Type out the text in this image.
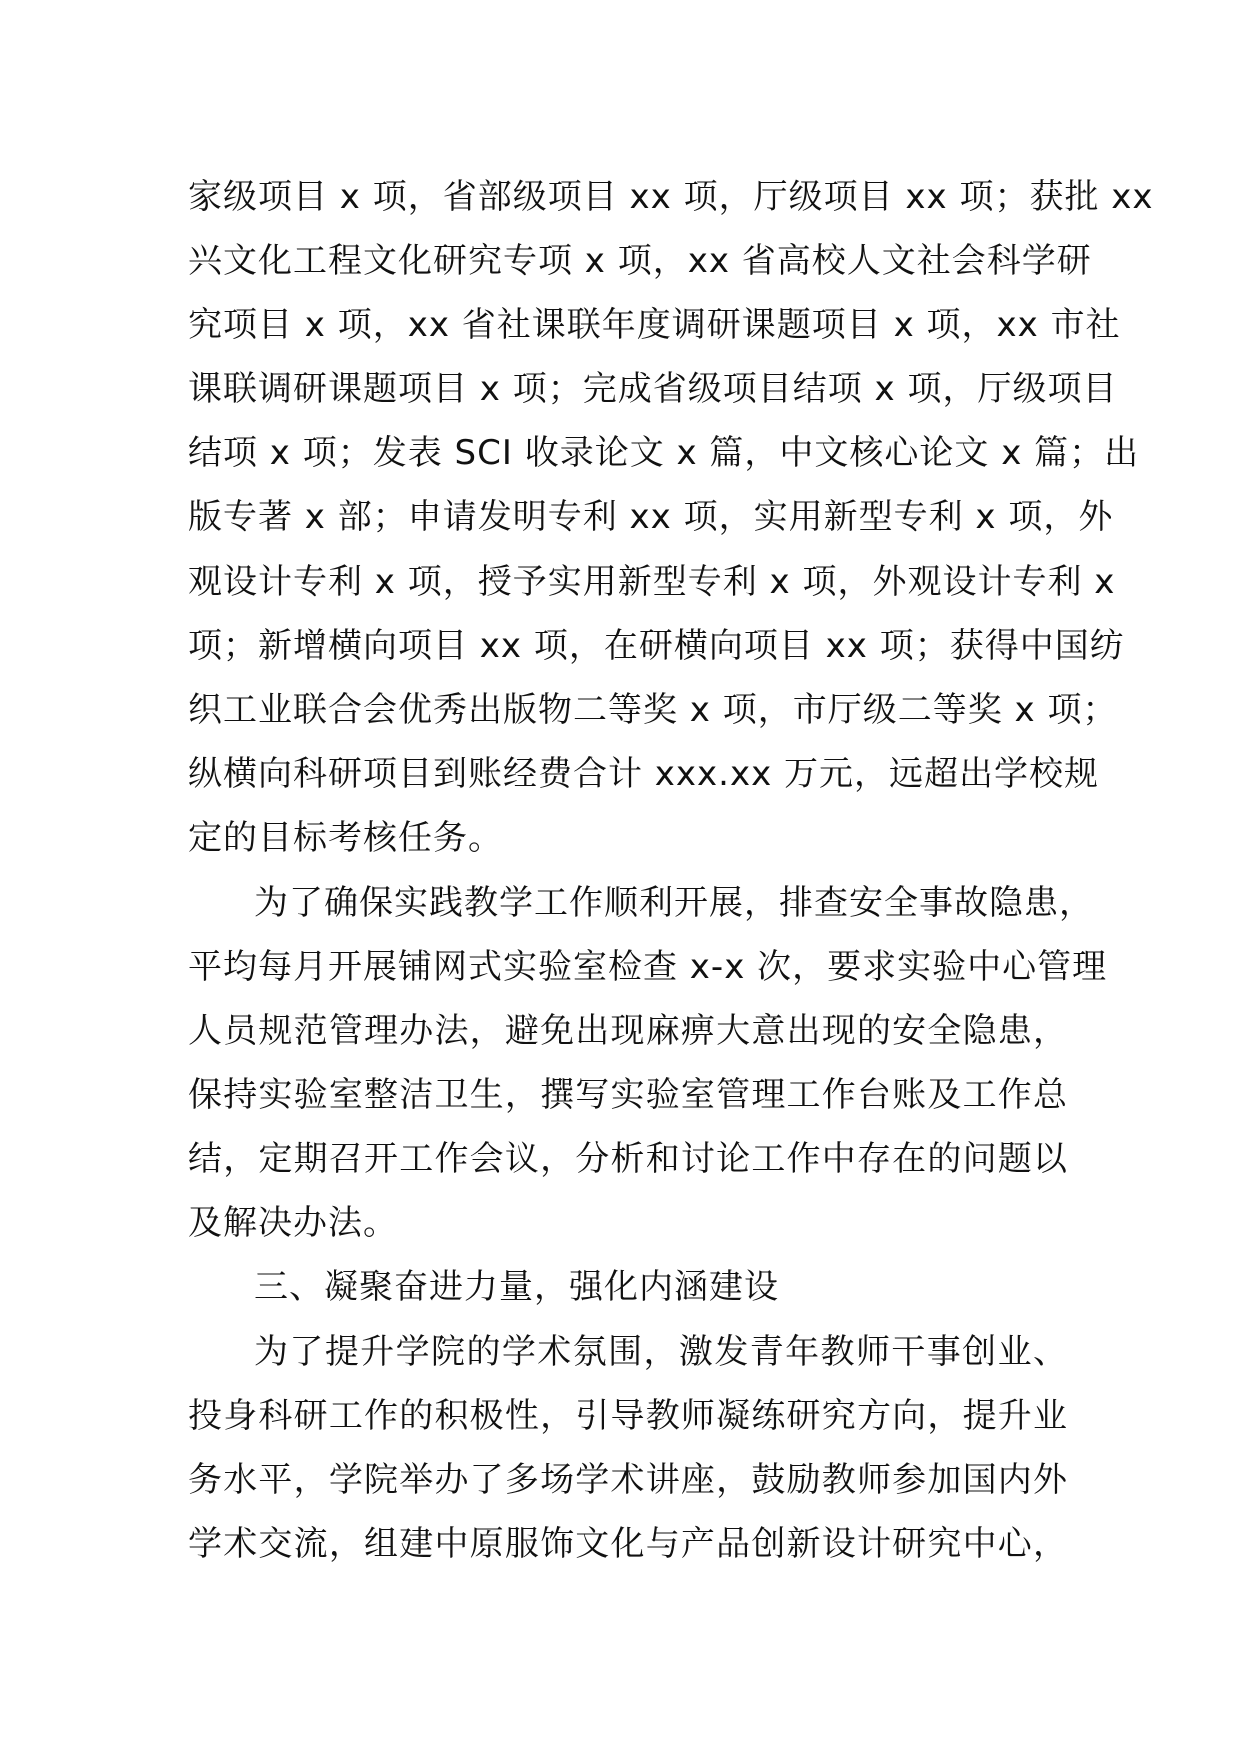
家级项目 x 项，省部级项目 xx 项，厅级项目 xx 项；获批 xx
兴文化工程文化研究专项 x 项，xx 省高校人文社会科学研
究项目 x 项，xx 省社课联年度调研课题项目 x 项，xx 市社
课联调研课题项目 x 项；完成省级项目结项 x 项，厅级项目
结项 x 项；发表 SCI 收录论文 x 篇，中文核心论文 x 篇；出
版专著 x 部；申请发明专利 xx 项，实用新型专利 x 项，外
观设计专利 x 项，授予实用新型专利 x 项，外观设计专利 x
项；新增横向项目 xx 项，在研横向项目 xx 项；获得中国纺
织工业联合会优秀出版物二等奖 x 项，市厅级二等奖 x 项；
纵横向科研项目到账经费合计 xxx.xx 万元，远超出学校规
定的目标考核任务。
为了确保实践教学工作顺利开展，排查安全事故隐患，
平均每月开展铺网式实验室检查 x-x 次，要求实验中心管理
人员规范管理办法，避免出现麻痹大意出现的安全隐患，
保持实验室整洁卫生，撰写实验室管理工作台账及工作总
结，定期召开工作会议，分析和讨论工作中存在的问题以
及解决办法。
三、凝聚奋进力量，强化内涵建设
为了提升学院的学术氛围，激发青年教师干事创业、
投身科研工作的积极性，引导教师凝练研究方向，提升业
务水平，学院举办了多场学术讲座，鼓励教师参加国内外
学术交流，组建中原服饰文化与产品创新设计研究中心，
